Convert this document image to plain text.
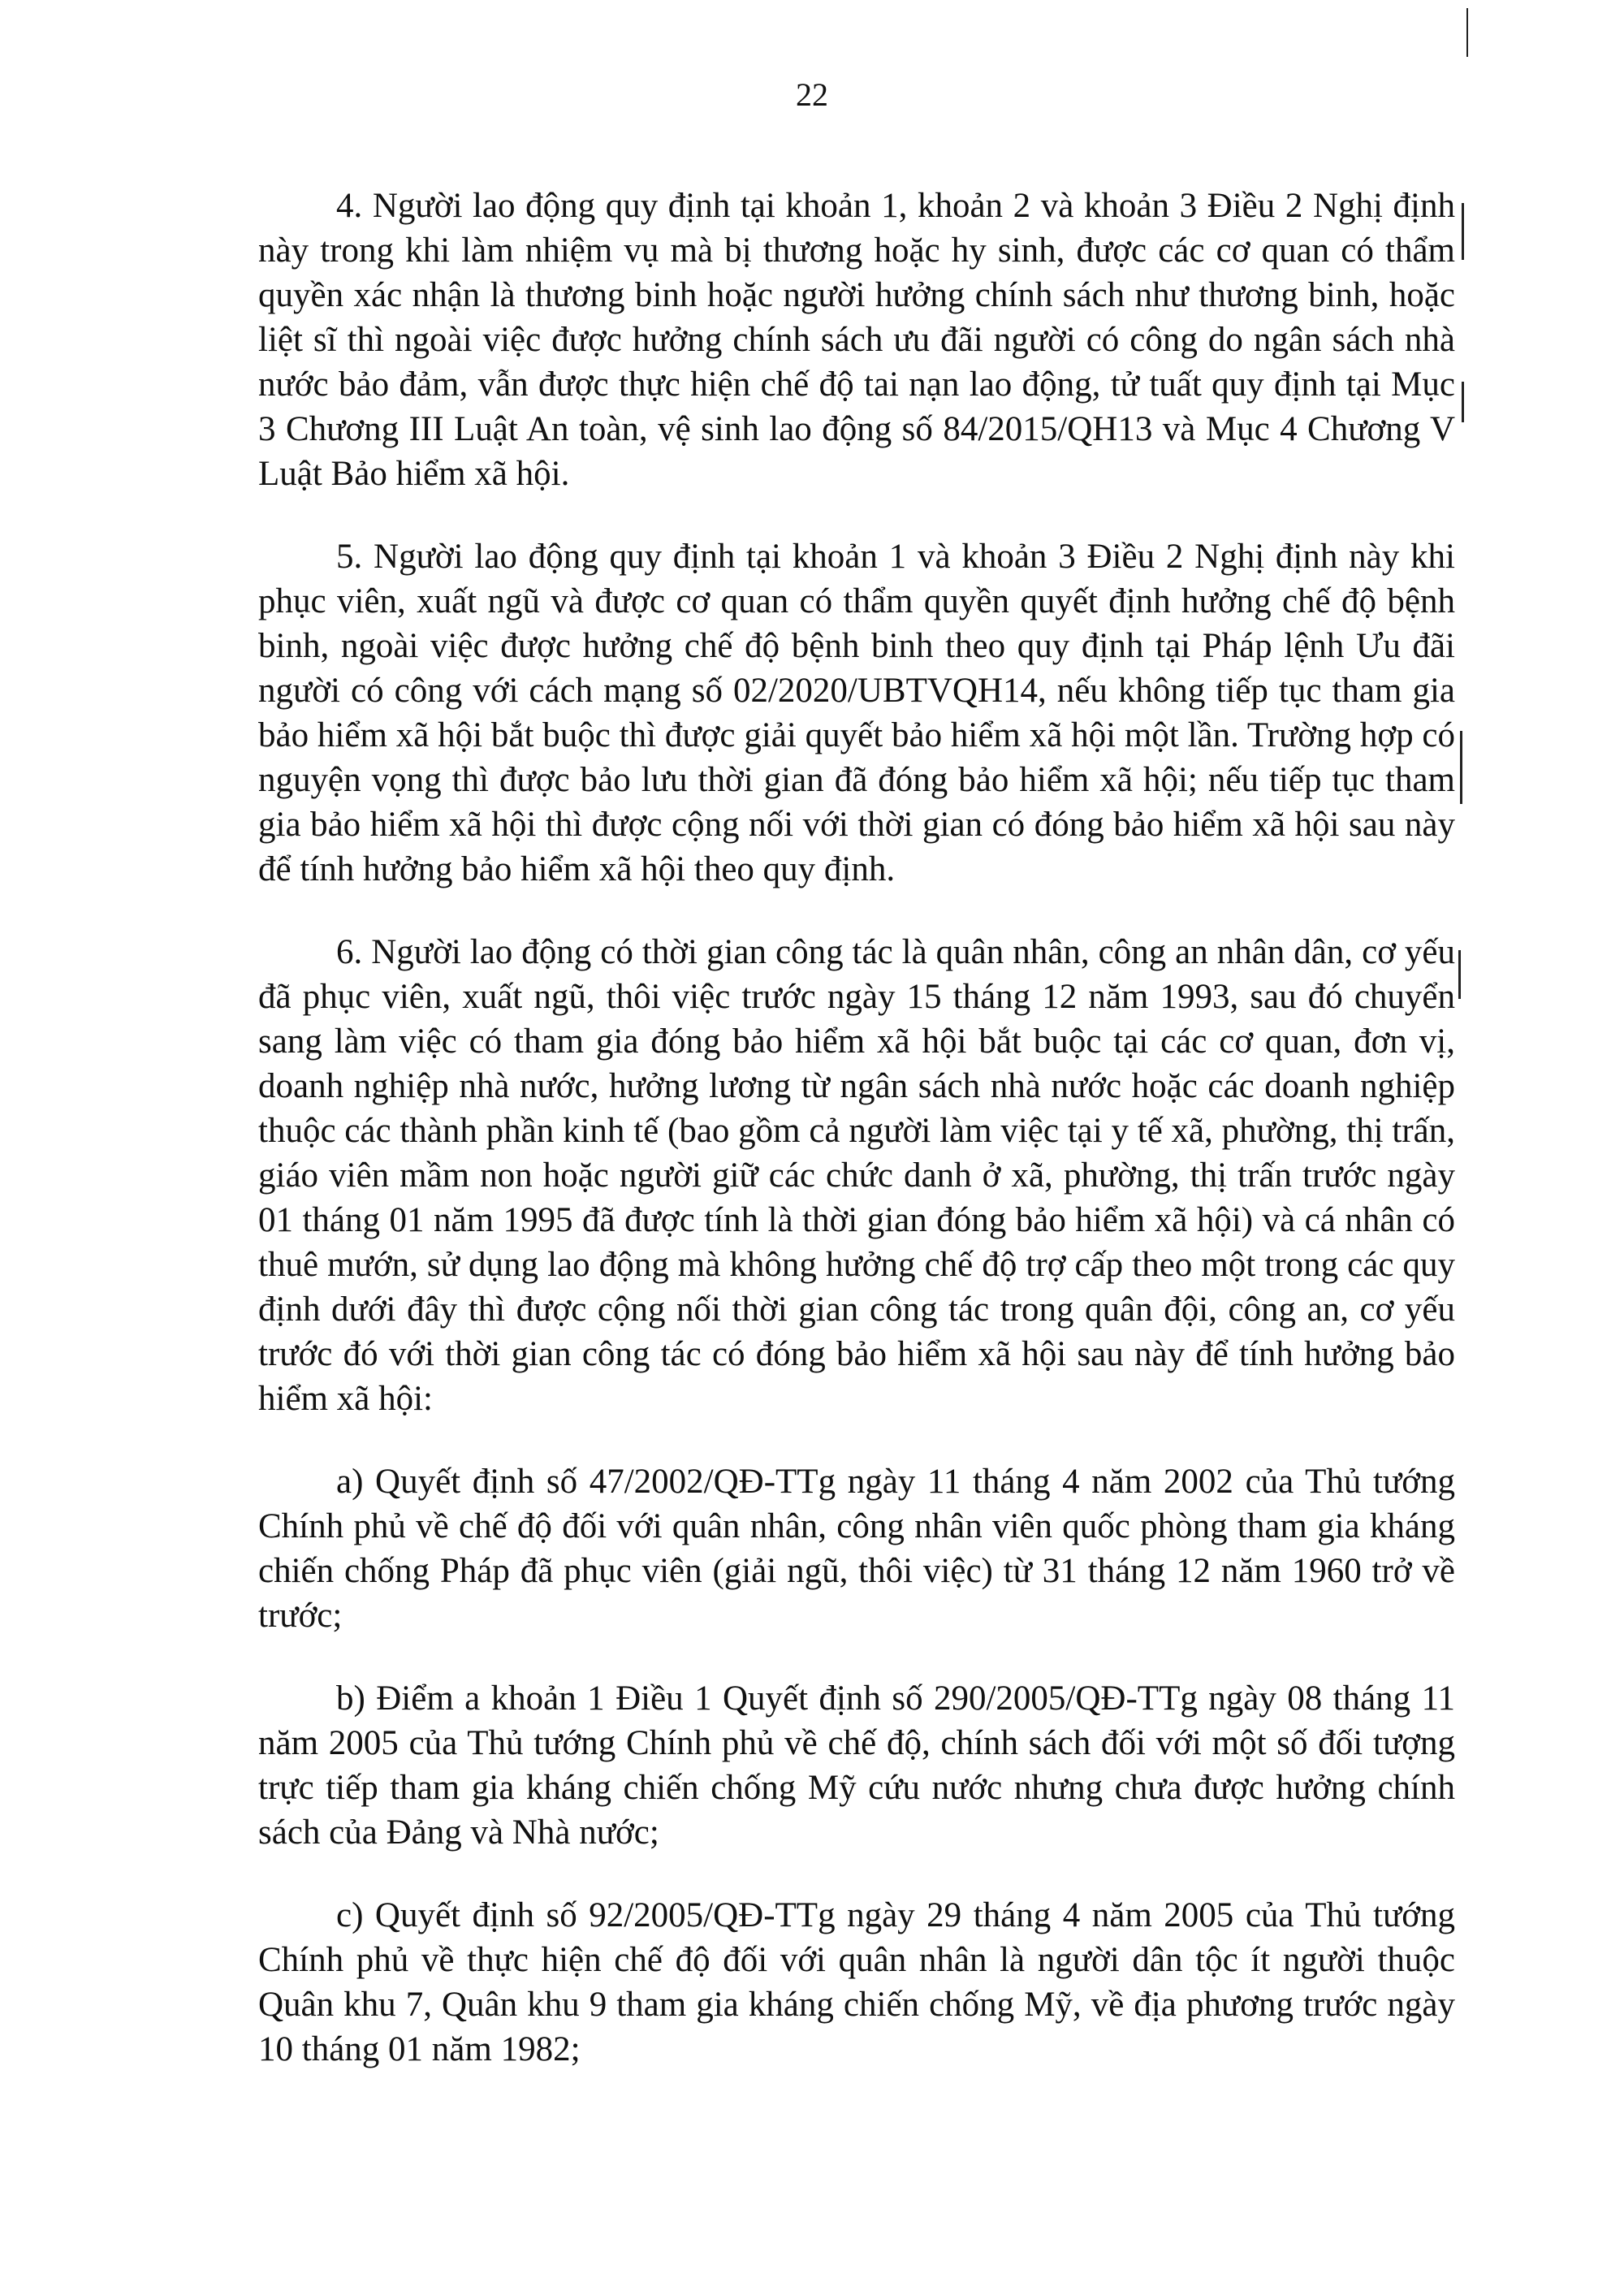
22

4. Người lao động quy định tại khoản 1, khoản 2 và khoản 3 Điều 2 Nghị định này trong khi làm nhiệm vụ mà bị thương hoặc hy sinh, được các cơ quan có thẩm quyền xác nhận là thương binh hoặc người hưởng chính sách như thương binh, hoặc liệt sĩ thì ngoài việc được hưởng chính sách ưu đãi người có công do ngân sách nhà nước bảo đảm, vẫn được thực hiện chế độ tai nạn lao động, tử tuất quy định tại Mục 3 Chương III Luật An toàn, vệ sinh lao động số 84/2015/QH13 và Mục 4 Chương V Luật Bảo hiểm xã hội.

5. Người lao động quy định tại khoản 1 và khoản 3 Điều 2 Nghị định này khi phục viên, xuất ngũ và được cơ quan có thẩm quyền quyết định hưởng chế độ bệnh binh, ngoài việc được hưởng chế độ bệnh binh theo quy định tại Pháp lệnh Ưu đãi người có công với cách mạng số 02/2020/UBTVQH14, nếu không tiếp tục tham gia bảo hiểm xã hội bắt buộc thì được giải quyết bảo hiểm xã hội một lần. Trường hợp có nguyện vọng thì được bảo lưu thời gian đã đóng bảo hiểm xã hội; nếu tiếp tục tham gia bảo hiểm xã hội thì được cộng nối với thời gian có đóng bảo hiểm xã hội sau này để tính hưởng bảo hiểm xã hội theo quy định.

6. Người lao động có thời gian công tác là quân nhân, công an nhân dân, cơ yếu đã phục viên, xuất ngũ, thôi việc trước ngày 15 tháng 12 năm 1993, sau đó chuyển sang làm việc có tham gia đóng bảo hiểm xã hội bắt buộc tại các cơ quan, đơn vị, doanh nghiệp nhà nước, hưởng lương từ ngân sách nhà nước hoặc các doanh nghiệp thuộc các thành phần kinh tế (bao gồm cả người làm việc tại y tế xã, phường, thị trấn, giáo viên mầm non hoặc người giữ các chức danh ở xã, phường, thị trấn trước ngày 01 tháng 01 năm 1995 đã được tính là thời gian đóng bảo hiểm xã hội) và cá nhân có thuê mướn, sử dụng lao động mà không hưởng chế độ trợ cấp theo một trong các quy định dưới đây thì được cộng nối thời gian công tác trong quân đội, công an, cơ yếu trước đó với thời gian công tác có đóng bảo hiểm xã hội sau này để tính hưởng bảo hiểm xã hội:

a) Quyết định số 47/2002/QĐ-TTg ngày 11 tháng 4 năm 2002 của Thủ tướng Chính phủ về chế độ đối với quân nhân, công nhân viên quốc phòng tham gia kháng chiến chống Pháp đã phục viên (giải ngũ, thôi việc) từ 31 tháng 12 năm 1960 trở về trước;

b) Điểm a khoản 1 Điều 1 Quyết định số 290/2005/QĐ-TTg ngày 08 tháng 11 năm 2005 của Thủ tướng Chính phủ về chế độ, chính sách đối với một số đối tượng trực tiếp tham gia kháng chiến chống Mỹ cứu nước nhưng chưa được hưởng chính sách của Đảng và Nhà nước;

c) Quyết định số 92/2005/QĐ-TTg ngày 29 tháng 4 năm 2005 của Thủ tướng Chính phủ về thực hiện chế độ đối với quân nhân là người dân tộc ít người thuộc Quân khu 7, Quân khu 9 tham gia kháng chiến chống Mỹ, về địa phương trước ngày 10 tháng 01 năm 1982;
